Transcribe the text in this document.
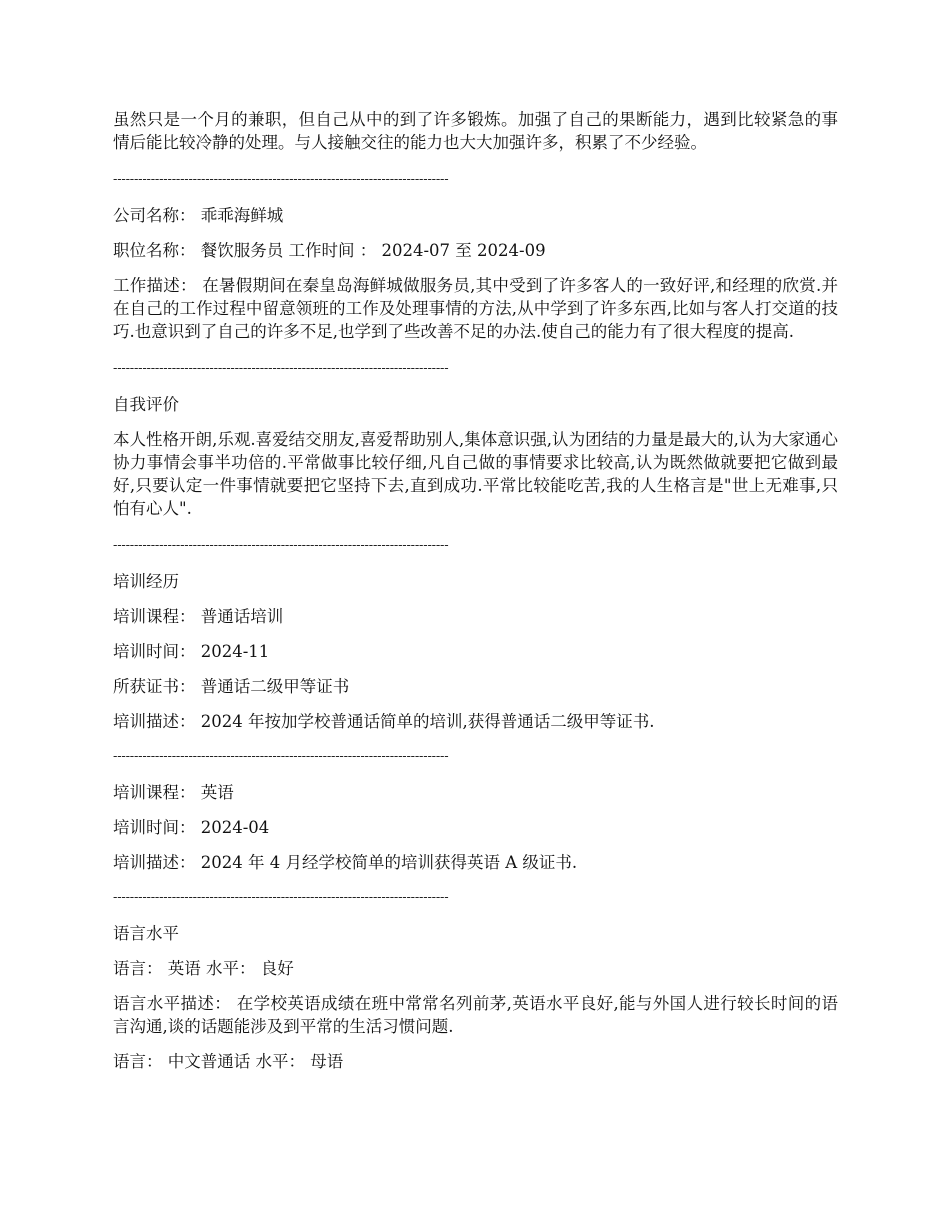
虽然只是一个月的兼职，但自己从中的到了许多锻炼。加强了自己的果断能力，遇到比较紧急的事情后能比较冷静的处理。与人接触交往的能力也大大加强许多，积累了不少经验。

--------------------------------------------------------------------------------

公司名称： 乖乖海鲜城

职位名称： 餐饮服务员 工作时间 ： 2024-07 至 2024-09

工作描述： 在暑假期间在秦皇岛海鲜城做服务员,其中受到了许多客人的一致好评,和经理的欣赏.并在自己的工作过程中留意领班的工作及处理事情的方法,从中学到了许多东西,比如与客人打交道的技巧.也意识到了自己的许多不足,也学到了些改善不足的办法.使自己的能力有了很大程度的提高.

--------------------------------------------------------------------------------

自我评价

本人性格开朗,乐观.喜爱结交朋友,喜爱帮助别人,集体意识强,认为团结的力量是最大的,认为大家通心协力事情会事半功倍的.平常做事比较仔细,凡自己做的事情要求比较高,认为既然做就要把它做到最好,只要认定一件事情就要把它坚持下去,直到成功.平常比较能吃苦,我的人生格言是"世上无难事,只怕有心人".

--------------------------------------------------------------------------------

培训经历

培训课程： 普通话培训

培训时间： 2024-11

所获证书： 普通话二级甲等证书

培训描述： 2024 年按加学校普通话简单的培训,获得普通话二级甲等证书.

--------------------------------------------------------------------------------

培训课程： 英语

培训时间： 2024-04

培训描述： 2024 年 4 月经学校简单的培训获得英语 A 级证书.

--------------------------------------------------------------------------------

语言水平

语言： 英语 水平： 良好

语言水平描述： 在学校英语成绩在班中常常名列前茅,英语水平良好,能与外国人进行较长时间的语言沟通,谈的话题能涉及到平常的生活习惯问题.

语言： 中文普通话 水平： 母语
